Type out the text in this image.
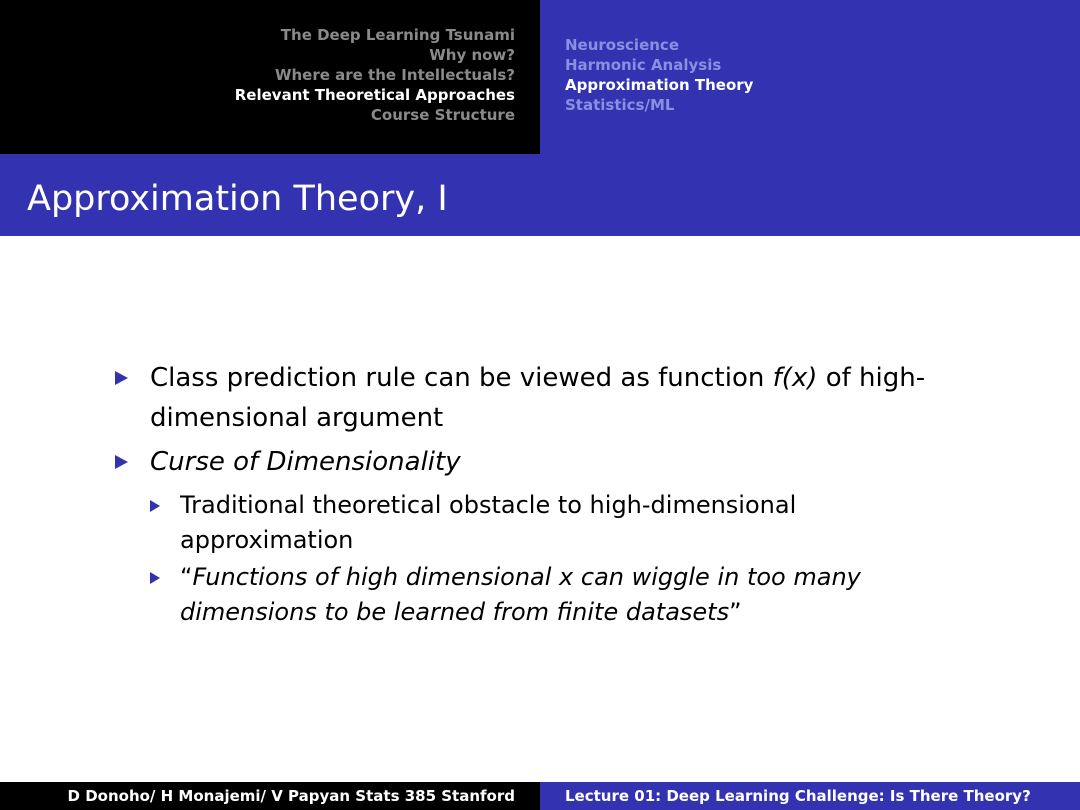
The Deep Learning Tsunami
Why now?
Where are the Intellectuals?
Relevant Theoretical Approaches
Course Structure
Neuroscience
Harmonic Analysis
Approximation Theory
Statistics/ML
Approximation Theory, I
Class prediction rule can be viewed as function f(x) of high-dimensional argument
Curse of Dimensionality
Traditional theoretical obstacle to high-dimensional approximation
“Functions of high dimensional x can wiggle in too many dimensions to be learned from finite datasets”
D Donoho/ H Monajemi/ V Papyan Stats 385 Stanford	Lecture 01: Deep Learning Challenge: Is There Theory?
